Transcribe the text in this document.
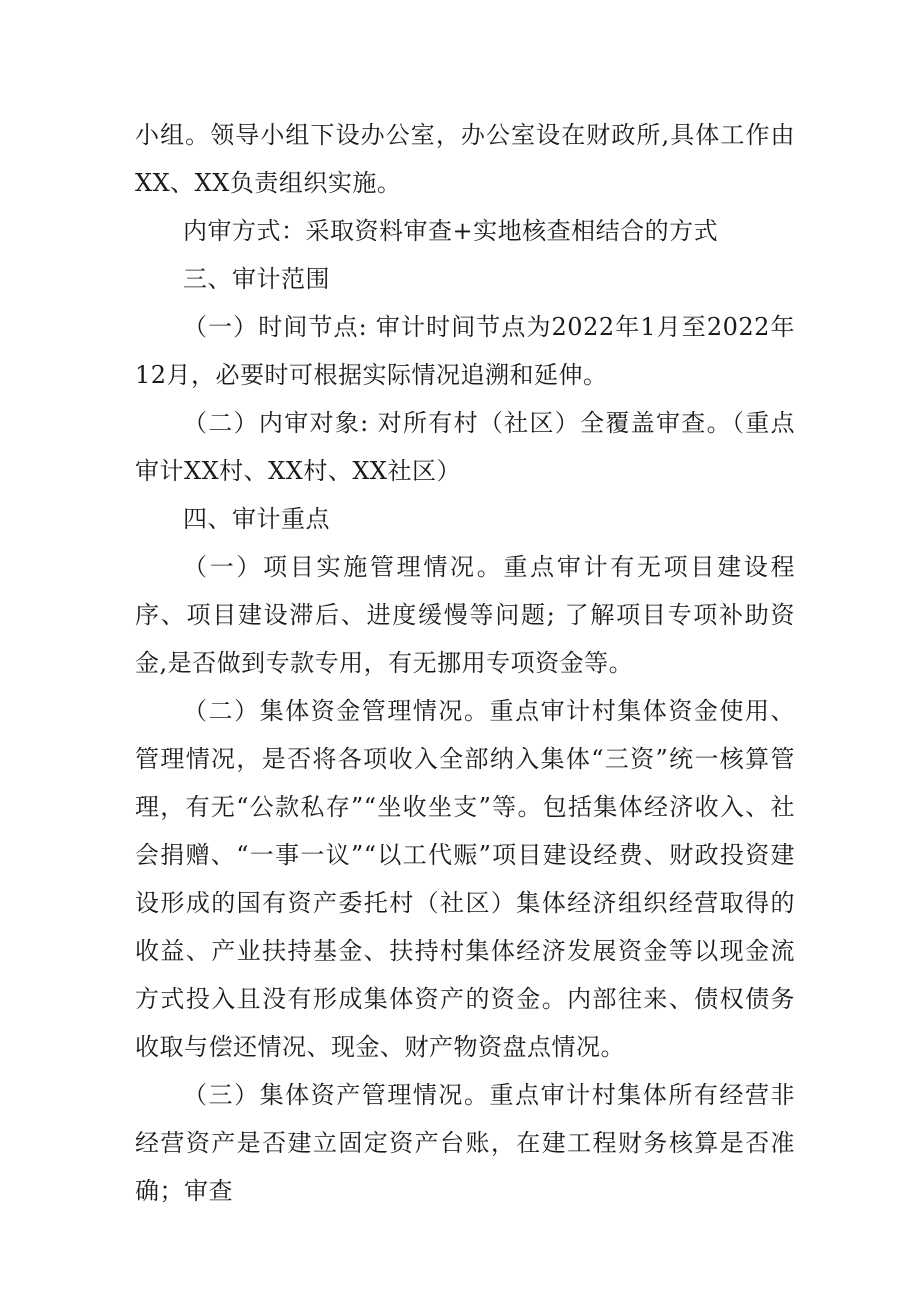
小组。领导小组下设办公室，办公室设在财政所,具体工作由XX、XX负责组织实施。

内审方式：采取资料审查+实地核查相结合的方式

三、审计范围

（一）时间节点: 审计时间节点为2022年1月至2022年12月，必要时可根据实际情况追溯和延伸。

（二）内审对象: 对所有村（社区）全覆盖审查。（重点审计XX村、XX村、XX社区）

四、审计重点

（一）项目实施管理情况。重点审计有无项目建设程序、项目建设滞后、进度缓慢等问题; 了解项目专项补助资金,是否做到专款专用，有无挪用专项资金等。

（二）集体资金管理情况。重点审计村集体资金使用、管理情况，是否将各项收入全部纳入集体“三资”统一核算管理，有无“公款私存”“坐收坐支”等。包括集体经济收入、社会捐赠、“一事一议”“以工代赈”项目建设经费、财政投资建设形成的国有资产委托村（社区）集体经济组织经营取得的收益、产业扶持基金、扶持村集体经济发展资金等以现金流方式投入且没有形成集体资产的资金。内部往来、债权债务收取与偿还情况、现金、财产物资盘点情况。

（三）集体资产管理情况。重点审计村集体所有经营非经营资产是否建立固定资产台账，在建工程财务核算是否准确；审查
